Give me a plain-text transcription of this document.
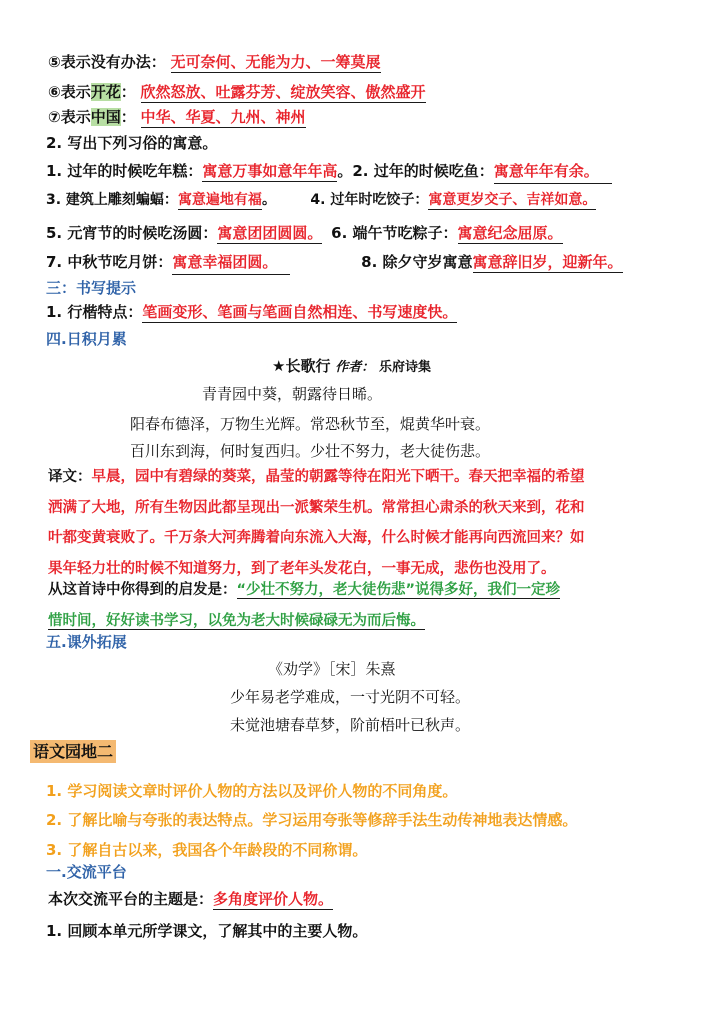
⑤表示没有办法： 无可奈何、无能为力、一筹莫展
⑥表示开花： 欣然怒放、吐露芬芳、绽放笑容、傲然盛开
⑦表示中国： 中华、华夏、九州、神州
2. 写出下列习俗的寓意。
1. 过年的时候吃年糕：寓意万事如意年年高。2. 过年的时候吃鱼：寓意年年有余。
3. 建筑上雕刻蝙蝠：寓意遍地有福。 4. 过年时吃饺子：寓意更岁交子、吉祥如意。
5. 元宵节的时候吃汤圆：寓意团团圆圆。 6. 端午节吃粽子：寓意纪念屈原。
7. 中秋节吃月饼：寓意幸福团圆。	8. 除夕守岁寓意寓意辞旧岁，迎新年。
三：书写提示
1. 行楷特点：笔画变形、笔画与笔画自然相连、书写速度快。
四.日积月累
★长歌行 作者： 乐府诗集
青青园中葵，朝露待日晞。
阳春布德泽，万物生光辉。常恐秋节至，焜黄华叶衰。
百川东到海，何时复西归。少壮不努力，老大徒伤悲。
译文：早晨，园中有碧绿的葵菜，晶莹的朝露等待在阳光下晒干。春天把幸福的希望
洒满了大地，所有生物因此都呈现出一派繁荣生机。常常担心肃杀的秋天来到，花和
叶都变黄衰败了。千万条大河奔腾着向东流入大海，什么时候才能再向西流回来？如
果年轻力壮的时候不知道努力，到了老年头发花白，一事无成，悲伤也没用了。
从这首诗中你得到的启发是：“少壮不努力，老大徒伤悲”说得多好，我们一定珍
惜时间，好好读书学习，以免为老大时候碌碌无为而后悔。
五.课外拓展
《劝学》［宋］朱熹
少年易老学难成，一寸光阴不可轻。
未觉池塘春草梦，阶前梧叶已秋声。
语文园地二
1. 学习阅读文章时评价人物的方法以及评价人物的不同角度。
2. 了解比喻与夸张的表达特点。学习运用夸张等修辞手法生动传神地表达情感。
3. 了解自古以来，我国各个年龄段的不同称谓。
一.交流平台
本次交流平台的主题是：多角度评价人物。
1. 回顾本单元所学课文，了解其中的主要人物。
